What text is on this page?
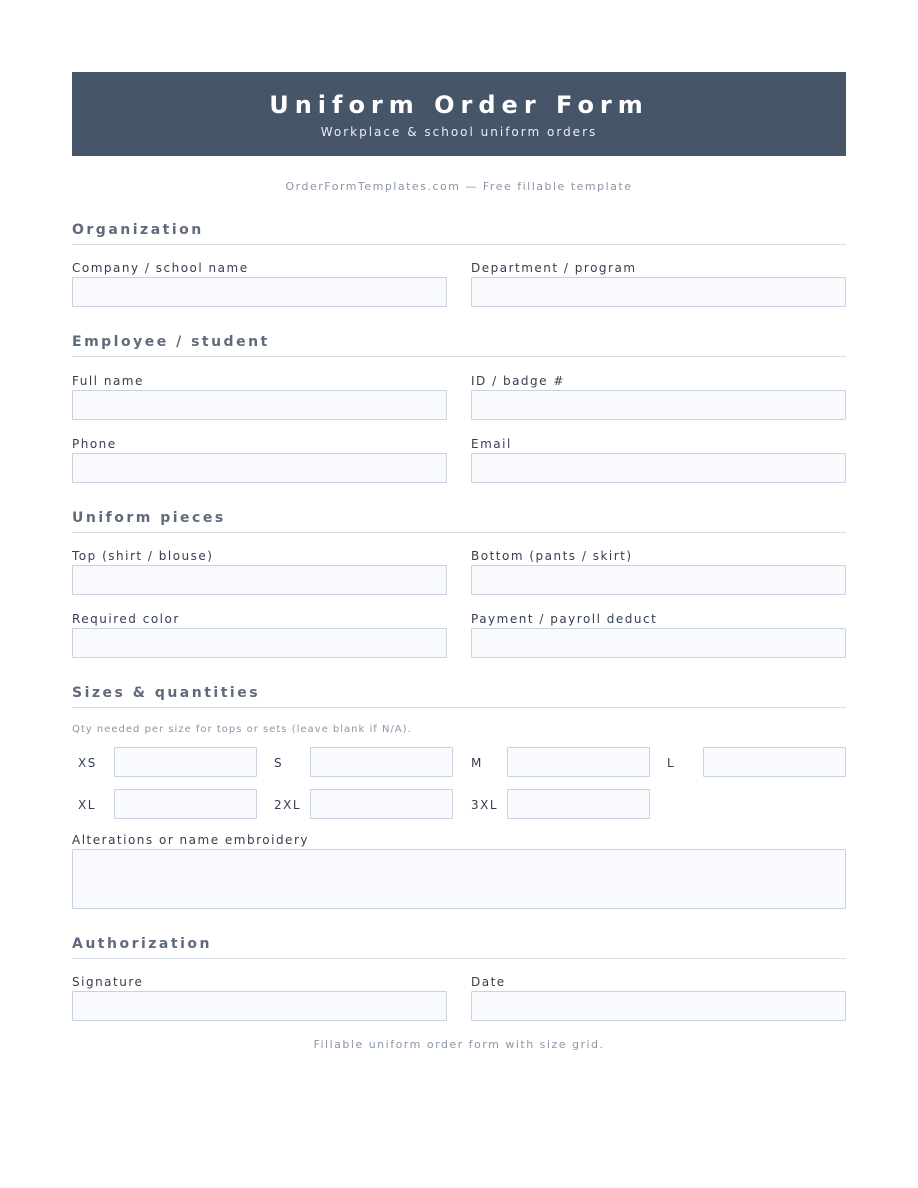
Uniform Order Form
Workplace & school uniform orders
OrderFormTemplates.com — Free fillable template
Organization
Company / school name	Department / program
Employee / student
Full name	ID / badge #
Phone	Email
Uniform pieces
Top (shirt / blouse)	Bottom (pants / skirt)
Required color	Payment / payroll deduct
Sizes & quantities
Qty needed per size for tops or sets (leave blank if N/A).
XS	S	M	L
XL	2XL	3XL
Alterations or name embroidery
Authorization
Signature	Date
Fillable uniform order form with size grid.
